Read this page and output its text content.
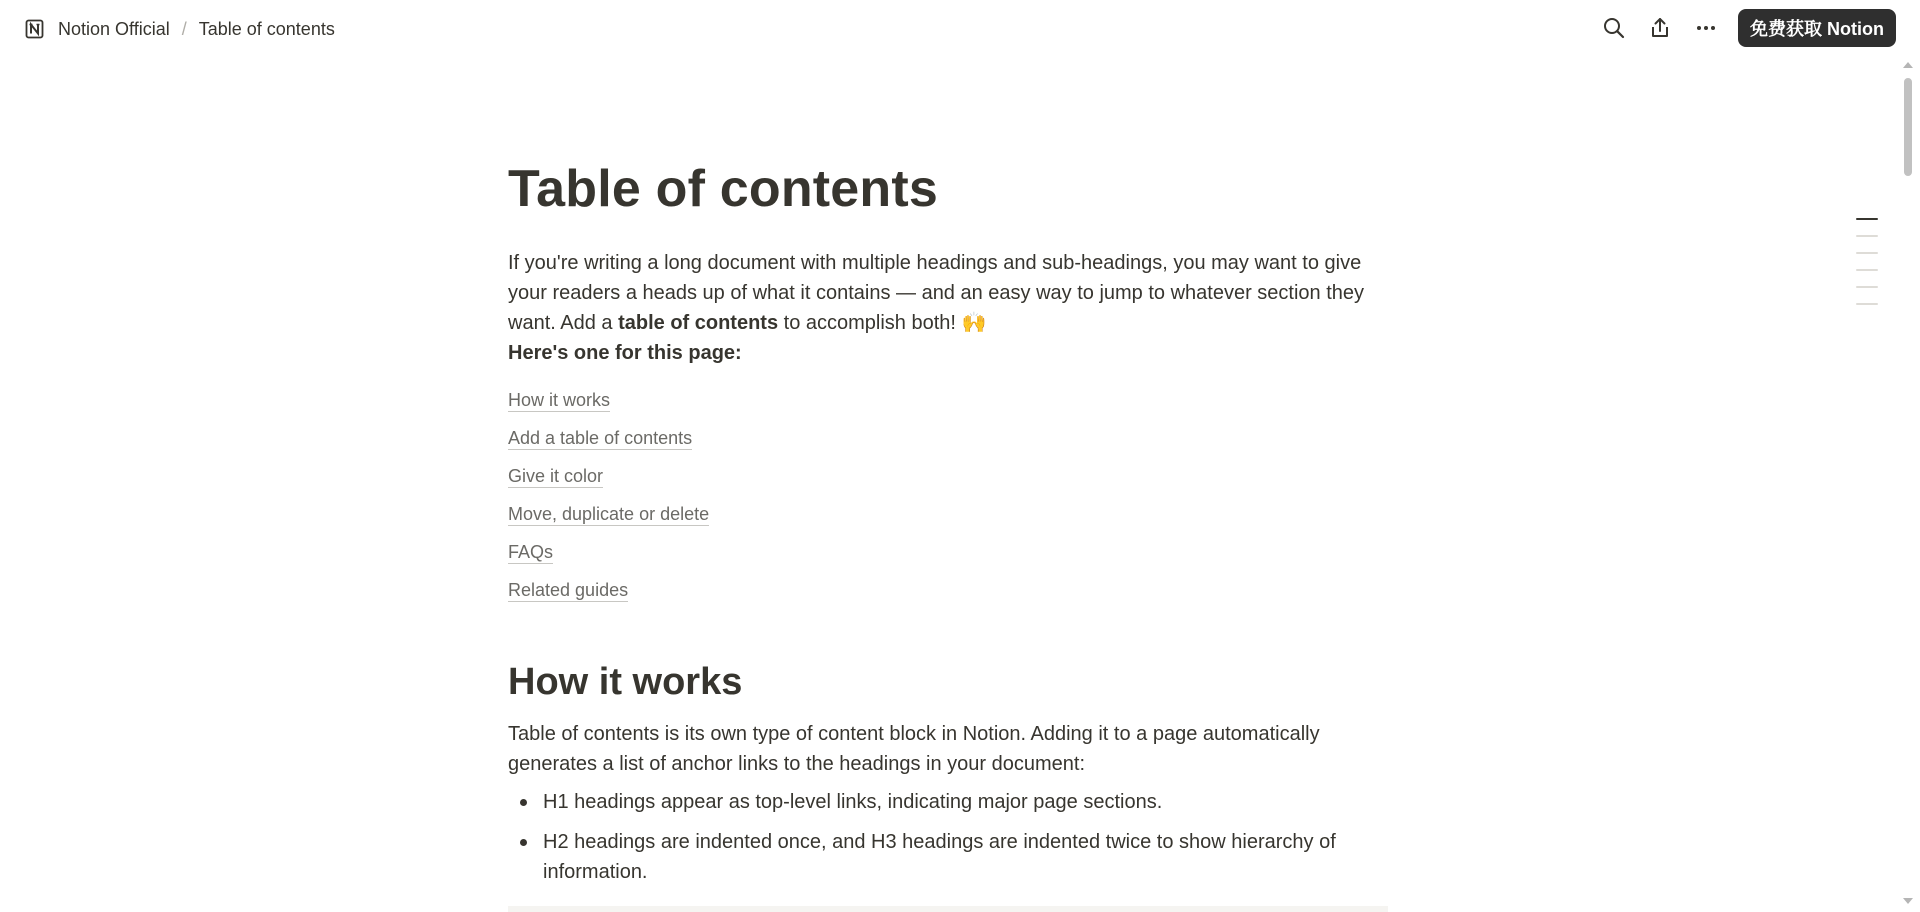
Notion Official / Table of contents	免费获取 Notion
Table of contents

If you're writing a long document with multiple headings and sub-headings, you may want to give your readers a heads up of what it contains — and an easy way to jump to whatever section they want. Add a table of contents to accomplish both! 🙌

Here's one for this page:
How it works
Add a table of contents
Give it color
Move, duplicate or delete
FAQs
Related guides
How it works

Table of contents is its own type of content block in Notion. Adding it to a page automatically generates a list of anchor links to the headings in your document:

H1 headings appear as top-level links, indicating major page sections.
H2 headings are indented once, and H3 headings are indented twice to show hierarchy of information.
